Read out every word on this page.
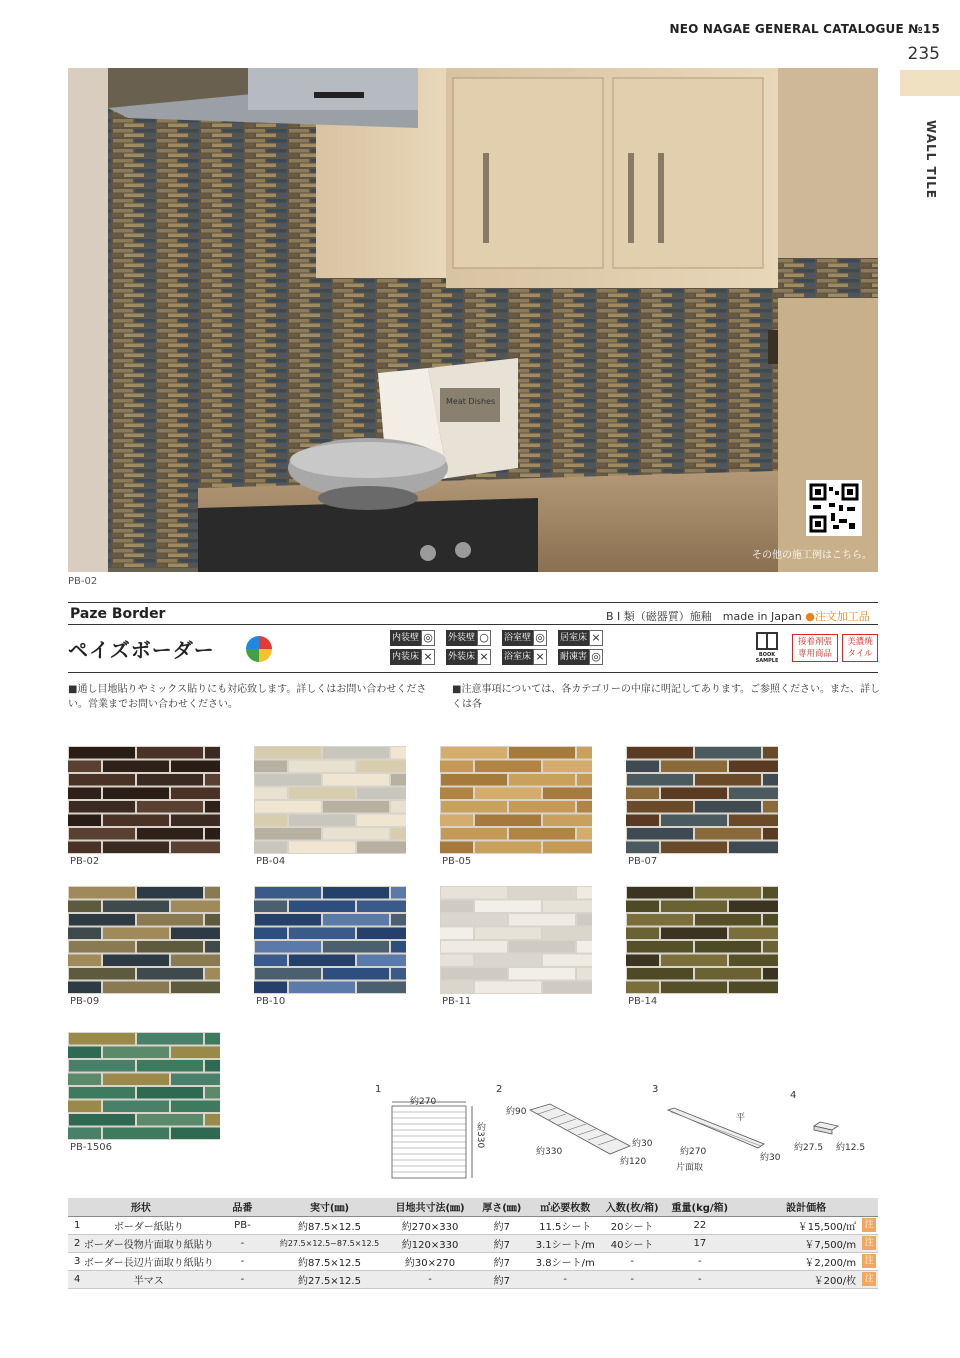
NEO NAGAE GENERAL CATALOGUE №15
235
WALL TILE
Meat Dishes
その他の施工例はこちら。
PB-02
Paze Border	B I 類（磁器質）施釉　made in Japan ●注文加工品
ペイズボーダー	内装壁 ◎ 外装壁 ○ 浴室壁 ◎ 居室床 ×
内装床 × 外装床 × 浴室床 × 耐凍害 ◎	BOOK SAMPLE
接着剤張
専用商品
美濃焼
タイル
■通し目地貼りやミックス貼りにも対応致します。詳しくはお問い合わせください。営業までお問い合わせください。
■注意事項については、各カテゴリーの中扉に明記してあります。ご参照ください。また、詳しくは各
PB-02	PB-04	PB-05	PB-07
PB-09	PB-10	PB-11	PB-14
PB-1506
1
約270
約330
2
約90
約330
約30
約120
3
平
約270
約30
片面取
4
約27.5 約12.5
形状		品番	実寸(㎜)	目地共寸法(㎜)	厚さ(㎜)	㎡必要枚数	入数(枚/箱)	重量(kg/箱)	設計価格	
1	ボーダー紙貼り	PB-	約87.5×12.5	約270×330	約7	11.5シート	20シート	22	￥15,500/㎡	注
2	ボーダー役物片面取り紙貼り	-	約27.5×12.5~87.5×12.5	約120×330	約7	3.1シート/m	40シート	17	￥7,500/m	注
3	ボーダー長辺片面取り紙貼り	-	約87.5×12.5	約30×270	約7	3.8シート/m	-	-	￥2,200/m	注
4	半マス	-	約27.5×12.5	-	約7	-	-	-	￥200/枚	注
